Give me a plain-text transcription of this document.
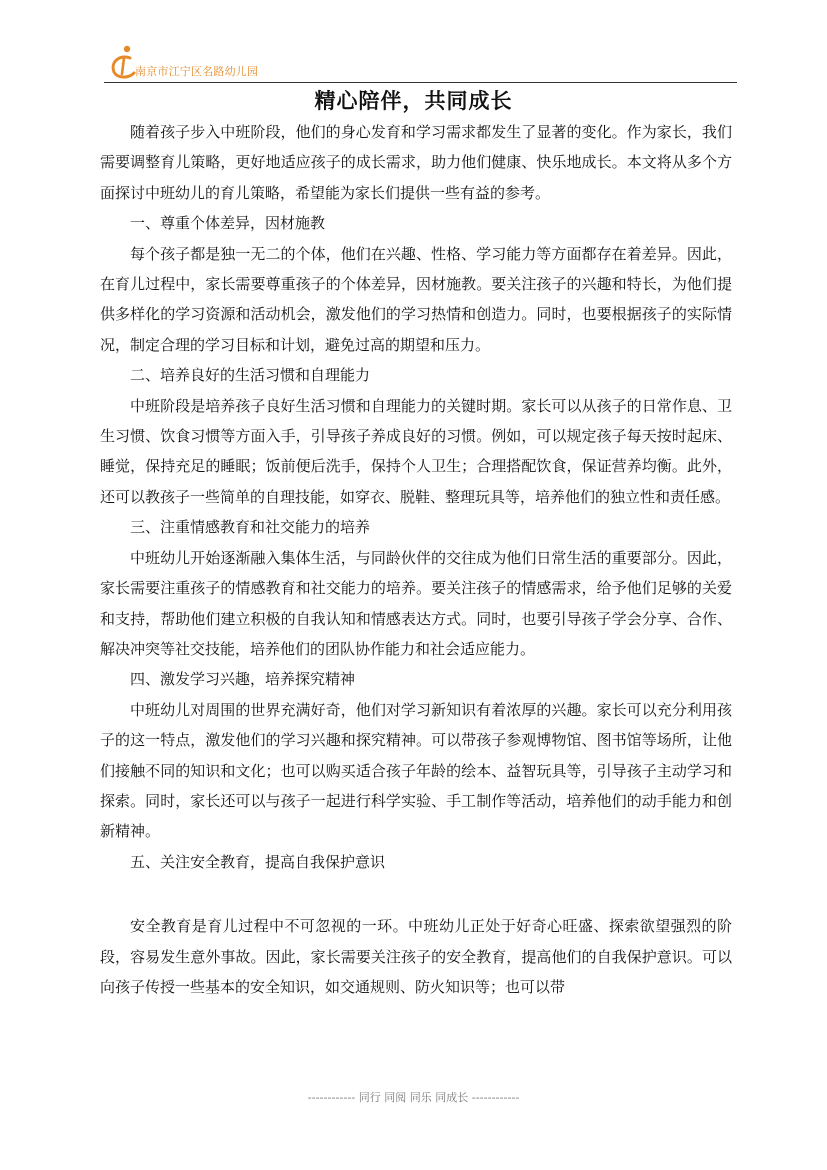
南京市江宁区名路幼儿园
精心陪伴，共同成长

随着孩子步入中班阶段，他们的身心发育和学习需求都发生了显著的变化。作为家长，我们需要调整育儿策略，更好地适应孩子的成长需求，助力他们健康、快乐地成长。本文将从多个方面探讨中班幼儿的育儿策略，希望能为家长们提供一些有益的参考。

一、尊重个体差异，因材施教

每个孩子都是独一无二的个体，他们在兴趣、性格、学习能力等方面都存在着差异。因此，在育儿过程中，家长需要尊重孩子的个体差异，因材施教。要关注孩子的兴趣和特长，为他们提供多样化的学习资源和活动机会，激发他们的学习热情和创造力。同时，也要根据孩子的实际情况，制定合理的学习目标和计划，避免过高的期望和压力。

二、培养良好的生活习惯和自理能力

中班阶段是培养孩子良好生活习惯和自理能力的关键时期。家长可以从孩子的日常作息、卫生习惯、饮食习惯等方面入手，引导孩子养成良好的习惯。例如，可以规定孩子每天按时起床、睡觉，保持充足的睡眠；饭前便后洗手，保持个人卫生；合理搭配饮食，保证营养均衡。此外，还可以教孩子一些简单的自理技能，如穿衣、脱鞋、整理玩具等，培养他们的独立性和责任感。

三、注重情感教育和社交能力的培养

中班幼儿开始逐渐融入集体生活，与同龄伙伴的交往成为他们日常生活的重要部分。因此，家长需要注重孩子的情感教育和社交能力的培养。要关注孩子的情感需求，给予他们足够的关爱和支持，帮助他们建立积极的自我认知和情感表达方式。同时，也要引导孩子学会分享、合作、解决冲突等社交技能，培养他们的团队协作能力和社会适应能力。

四、激发学习兴趣，培养探究精神

中班幼儿对周围的世界充满好奇，他们对学习新知识有着浓厚的兴趣。家长可以充分利用孩子的这一特点，激发他们的学习兴趣和探究精神。可以带孩子参观博物馆、图书馆等场所，让他们接触不同的知识和文化；也可以购买适合孩子年龄的绘本、益智玩具等，引导孩子主动学习和探索。同时，家长还可以与孩子一起进行科学实验、手工制作等活动，培养他们的动手能力和创新精神。

五、关注安全教育，提高自我保护意识

安全教育是育儿过程中不可忽视的一环。中班幼儿正处于好奇心旺盛、探索欲望强烈的阶段，容易发生意外事故。因此，家长需要关注孩子的安全教育，提高他们的自我保护意识。可以向孩子传授一些基本的安全知识，如交通规则、防火知识等；也可以带

------------ 同行 同阅 同乐 同成长 ------------
